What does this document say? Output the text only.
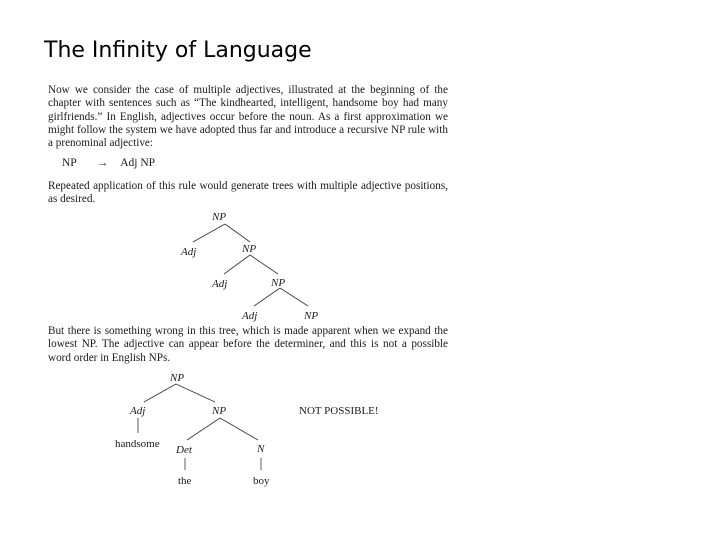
The Infinity of Language

Now we consider the case of multiple adjectives, illustrated at the beginning of the chapter with sentences such as “The kindhearted, intelligent, handsome boy had many girlfriends.” In English, adjectives occur before the noun. As a first approximation we might follow the system we have adopted thus far and introduce a recursive NP rule with a prenominal adjective:

NP → Adj NP

Repeated application of this rule would generate trees with multiple adjective positions, as desired.

NP
Adj	NP
Adj	NP
Adj	NP

But there is something wrong in this tree, which is made apparent when we expand the lowest NP. The adjective can appear before the determiner, and this is not a possible word order in English NPs.

NP
Adj	NP
handsome Det	N
the	boy
NOT POSSIBLE!
